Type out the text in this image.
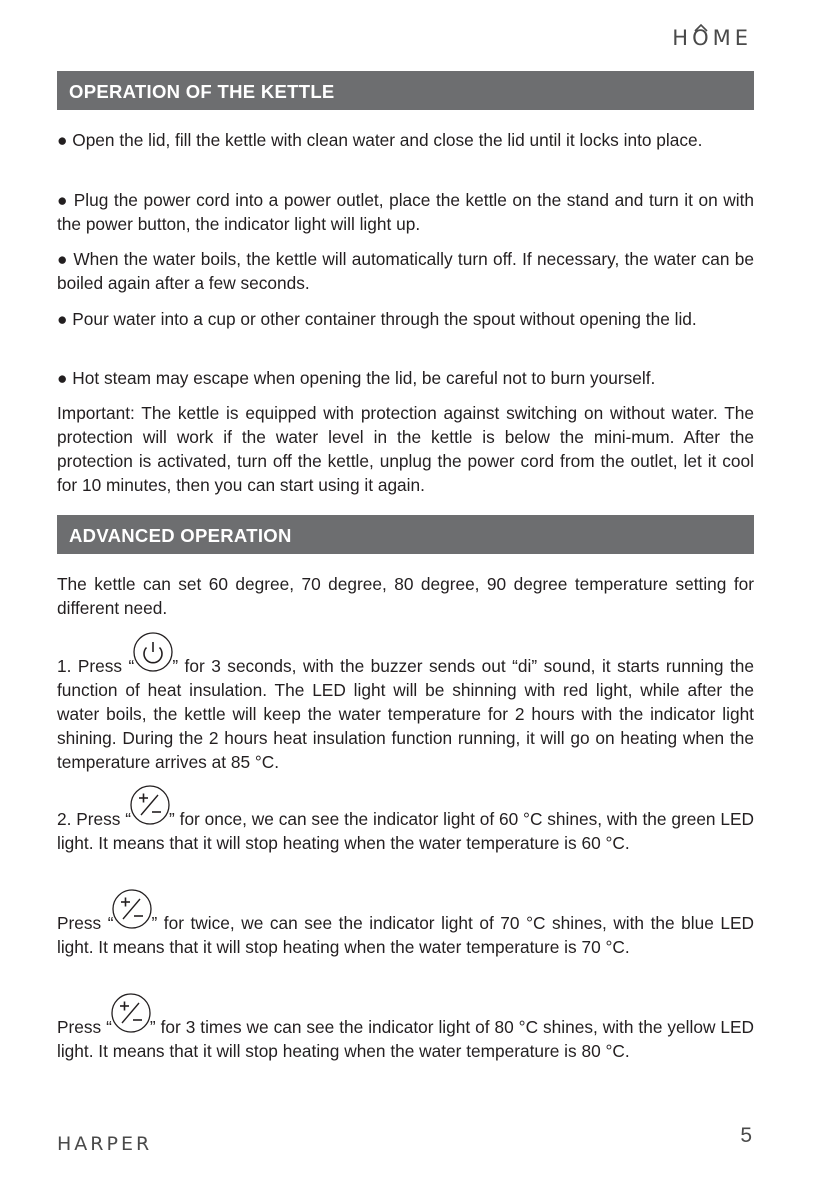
HO
ME
OPERATION OF THE KETTLE

● Open the lid, fill the kettle with clean water and close the lid until it locks into place.

● Plug the power cord into a power outlet, place the kettle on the stand and turn it on with the power button, the indicator light will light up.

● When the water boils, the kettle will automatically turn off. If necessary, the water can be boiled again after a few seconds.

● Pour water into a cup or other container through the spout without opening the lid.

● Hot steam may escape when opening the lid, be careful not to burn yourself.

Important: The kettle is equipped with protection against switching on without water. The protection will work if the water level in the kettle is below the mini-mum. After the protection is activated, turn off the kettle, unplug the power cord from the outlet, let it cool for 10 minutes, then you can start using it again.

ADVANCED OPERATION

The kettle can set 60 degree, 70 degree, 80 degree, 90 degree temperature setting for different need.

1. Press “ ” for 3 seconds, with the buzzer sends out “di” sound, it starts running the function of heat insulation. The LED light will be shinning with red light, while after the water boils, the kettle will keep the water temperature for 2 hours with the indicator light shining. During the 2 hours heat insulation function running, it will go on heating when the temperature arrives at 85 °C.

2. Press “ ” for once, we can see the indicator light of 60 °C shines, with the green LED light. It means that it will stop heating when the water temperature is 60 °C.

Press “ ” for twice, we can see the indicator light of 70 °C shines, with the blue LED light. It means that it will stop heating when the water temperature is 70 °C.

Press “ ” for 3 times we can see the indicator light of 80 °C shines, with the yellow LED light. It means that it will stop heating when the water temperature is 80 °C.

HARPER	5
